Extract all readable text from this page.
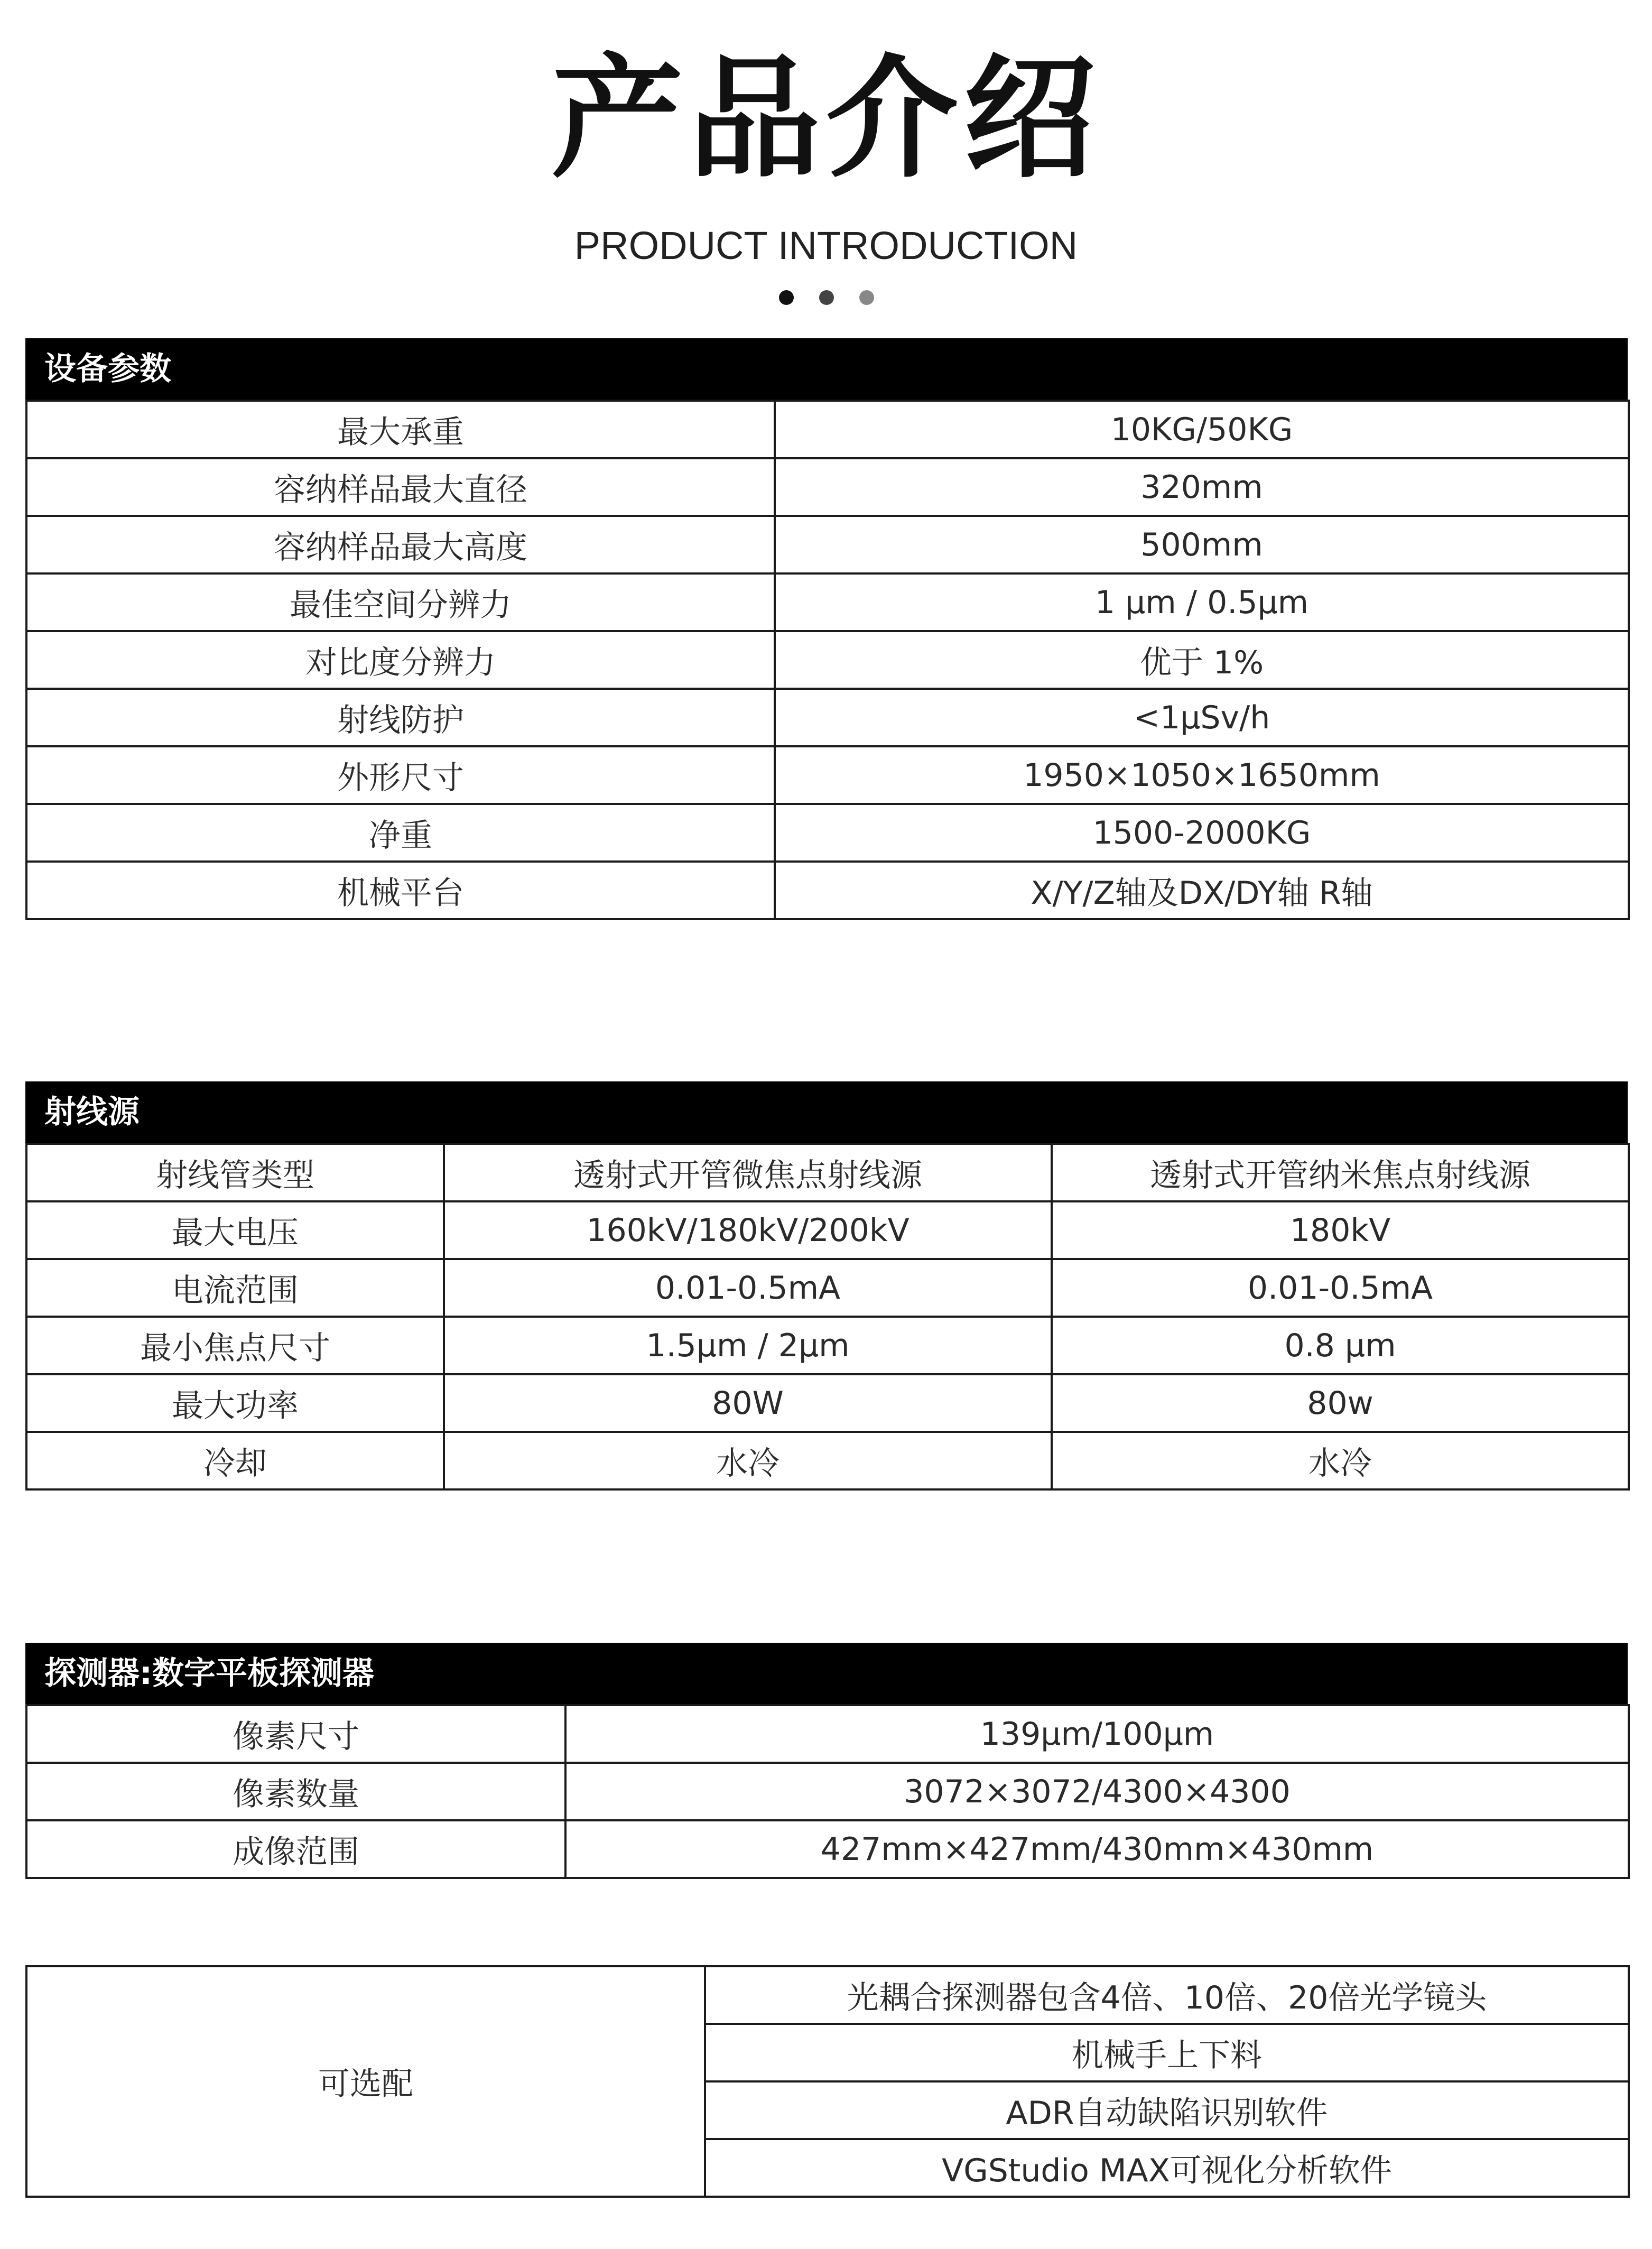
产品介绍
PRODUCT INTRODUCTION
设备参数
最大承重	10KG/50KG
容纳样品最大直径	320mm
容纳样品最大高度	500mm
最佳空间分辨力	1 μm / 0.5μm
对比度分辨力	优于 1%
射线防护	<1μSv/h
外形尺寸	1950×1050×1650mm
净重	1500-2000KG
机械平台	X/Y/Z轴及DX/DY轴 R轴
射线源
射线管类型	透射式开管微焦点射线源	透射式开管纳米焦点射线源
最大电压	160kV/180kV/200kV	180kV
电流范围	0.01-0.5mA	0.01-0.5mA
最小焦点尺寸	1.5μm / 2μm	0.8 μm
最大功率	80W	80w
冷却	水冷	水冷
探测器:数字平板探测器
像素尺寸	139μm/100μm
像素数量	3072×3072/4300×4300
成像范围	427mm×427mm/430mm×430mm
可选配	光耦合探测器包含4倍、10倍、20倍光学镜头
机械手上下料
ADR自动缺陷识别软件
VGStudio MAX可视化分析软件
